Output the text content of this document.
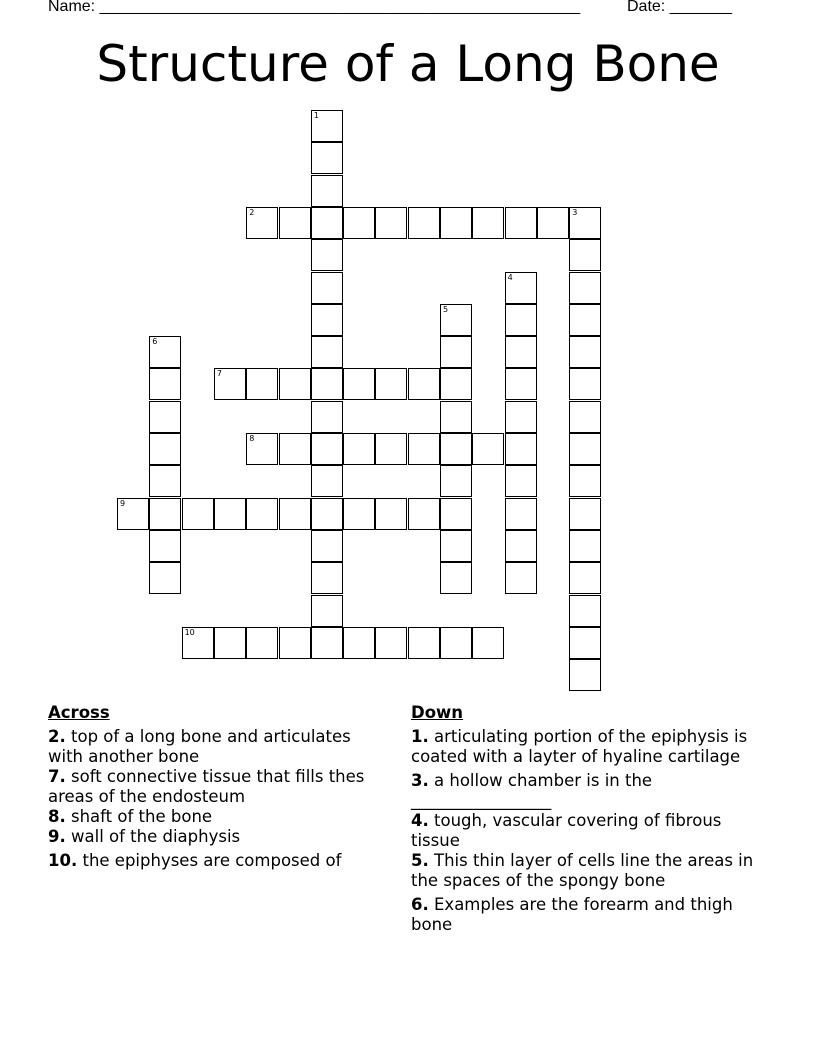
Name: ______________________________________________________	Date: _______
Structure of a Long Bone
1
2	3
4
5
6
7
8
9
10
Across
2. top of a long bone and articulates with another bone
7. soft connective tissue that fills thes areas of the endosteum
8. shaft of the bone
9. wall of the diaphysis
10. the epiphyses are composed of
Down
1. articulating portion of the epiphysis is coated with a layter of hyaline cartilage
3. a hollow chamber is in the _________________
4. tough, vascular covering of fibrous tissue
5. This thin layer of cells line the areas in the spaces of the spongy bone
6. Examples are the forearm and thigh bone
